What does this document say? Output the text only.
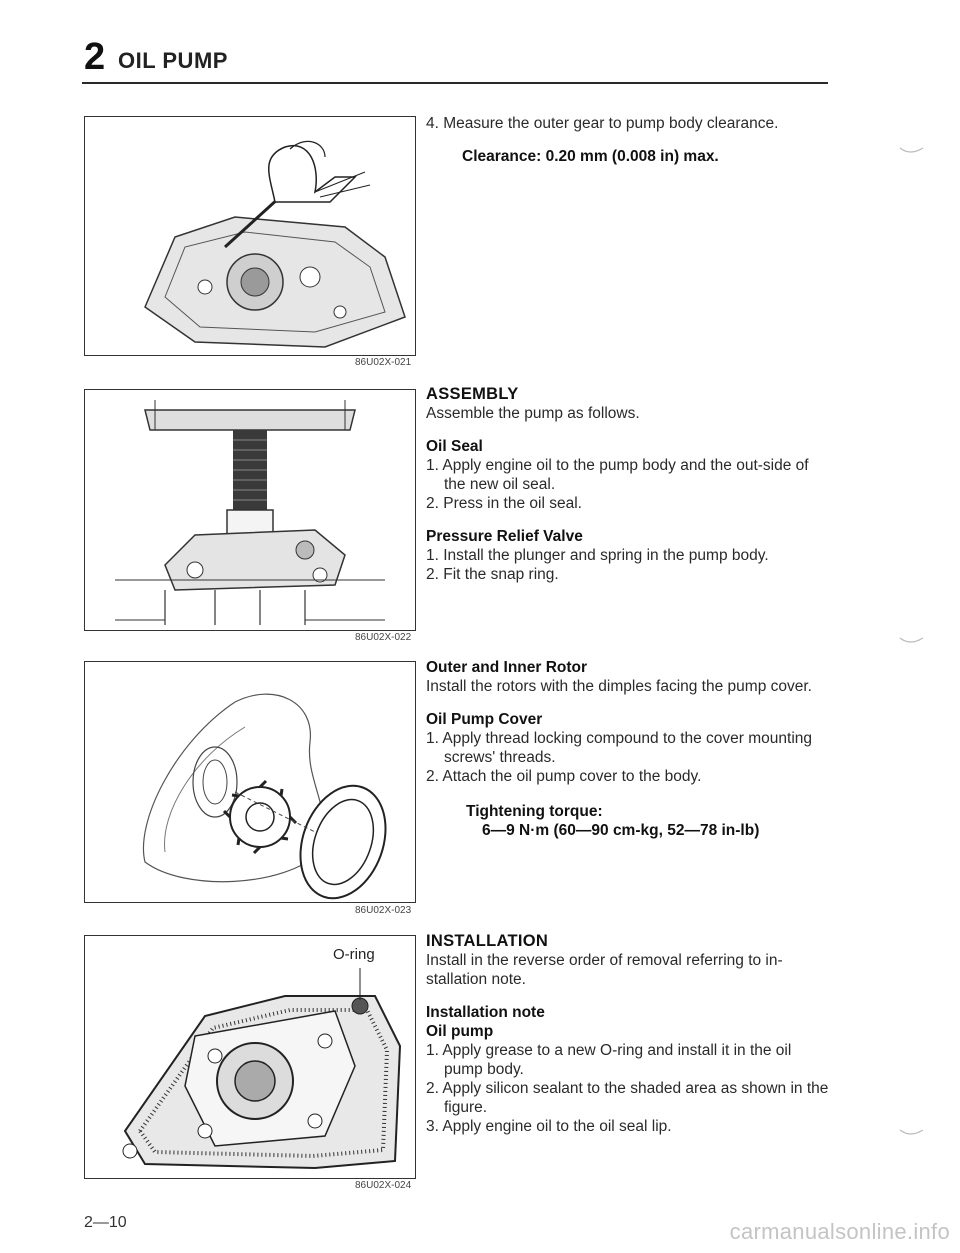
2 OIL PUMP
86U02X-021
86U02X-022
86U02X-023
O-ring
86U02X-024

4. Measure the outer gear to pump body clearance.

Clearance: 0.20 mm (0.008 in) max.

ASSEMBLY

Assemble the pump as follows.

Oil Seal

1. Apply engine oil to the pump body and the out-side of the new oil seal.

2. Press in the oil seal.

Pressure Relief Valve

1. Install the plunger and spring in the pump body.

2. Fit the snap ring.

Outer and Inner Rotor

Install the rotors with the dimples facing the pump cover.

Oil Pump Cover

1. Apply thread locking compound to the cover mounting screws' threads.

2. Attach the oil pump cover to the body.

Tightening torque:

6—9 N·m (60—90 cm-kg, 52—78 in-lb)

INSTALLATION

Install in the reverse order of removal referring to in-stallation note.

Installation note

Oil pump

1. Apply grease to a new O-ring and install it in the oil pump body.

2. Apply silicon sealant to the shaded area as shown in the figure.

3. Apply engine oil to the oil seal lip.

2—10	carmanualsonline.info
